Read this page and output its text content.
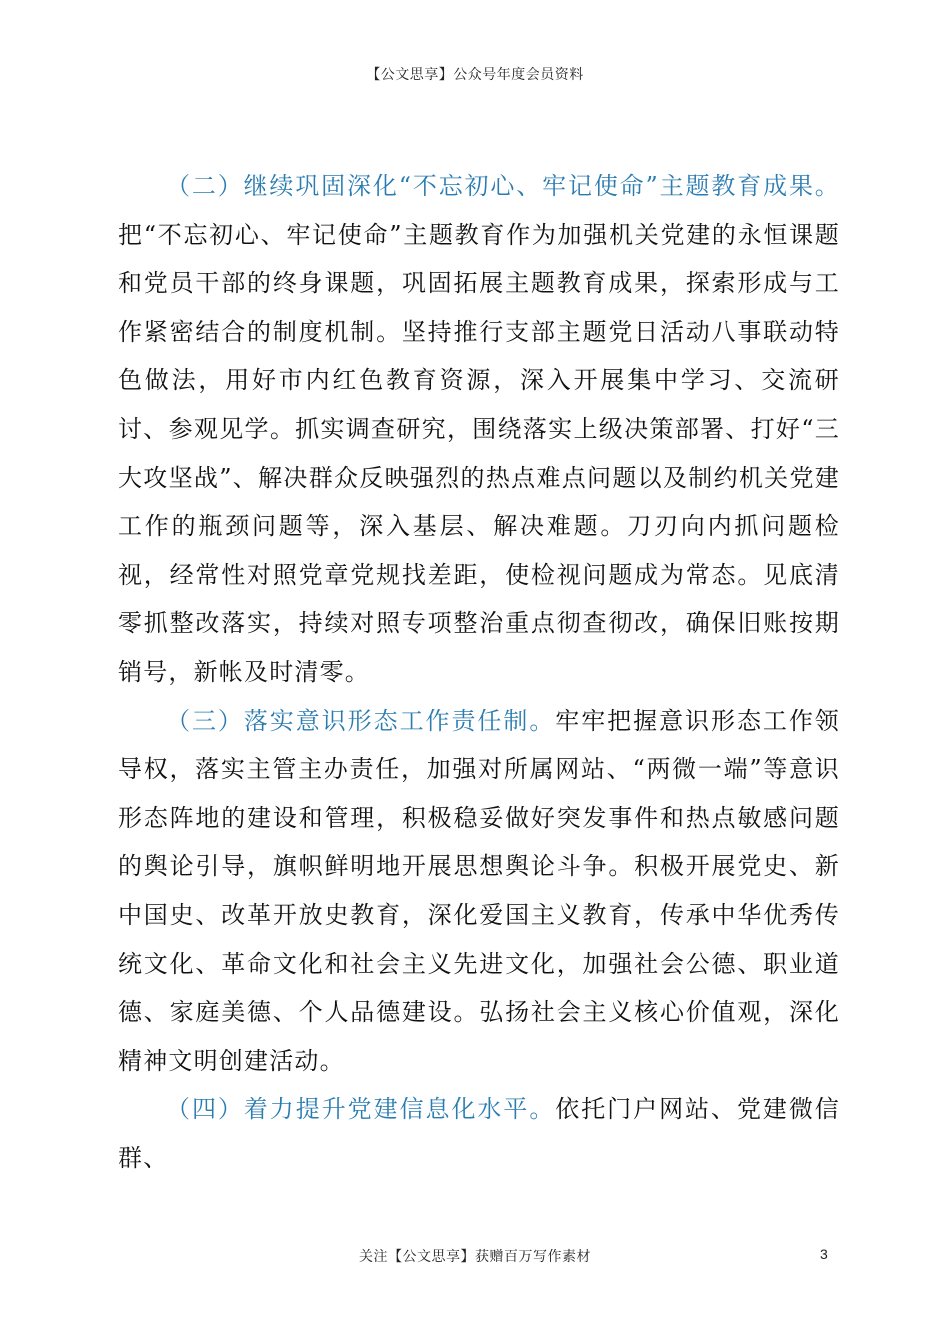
【公文思享】公众号年度会员资料

（二）继续巩固深化“不忘初心、牢记使命”主题教育成果。把“不忘初心、牢记使命”主题教育作为加强机关党建的永恒课题和党员干部的终身课题，巩固拓展主题教育成果，探索形成与工作紧密结合的制度机制。坚持推行支部主题党日活动八事联动特色做法，用好市内红色教育资源，深入开展集中学习、交流研讨、参观见学。抓实调查研究，围绕落实上级决策部署、打好“三大攻坚战”、解决群众反映强烈的热点难点问题以及制约机关党建工作的瓶颈问题等，深入基层、解决难题。刀刃向内抓问题检视，经常性对照党章党规找差距，使检视问题成为常态。见底清零抓整改落实，持续对照专项整治重点彻查彻改，确保旧账按期销号，新帐及时清零。

（三）落实意识形态工作责任制。牢牢把握意识形态工作领导权，落实主管主办责任，加强对所属网站、“两微一端”等意识形态阵地的建设和管理，积极稳妥做好突发事件和热点敏感问题的舆论引导，旗帜鲜明地开展思想舆论斗争。积极开展党史、新中国史、改革开放史教育，深化爱国主义教育，传承中华优秀传统文化、革命文化和社会主义先进文化，加强社会公德、职业道德、家庭美德、个人品德建设。弘扬社会主义核心价值观，深化精神文明创建活动。

（四）着力提升党建信息化水平。依托门户网站、党建微信群、

关注【公文思享】获赠百万写作素材	3
